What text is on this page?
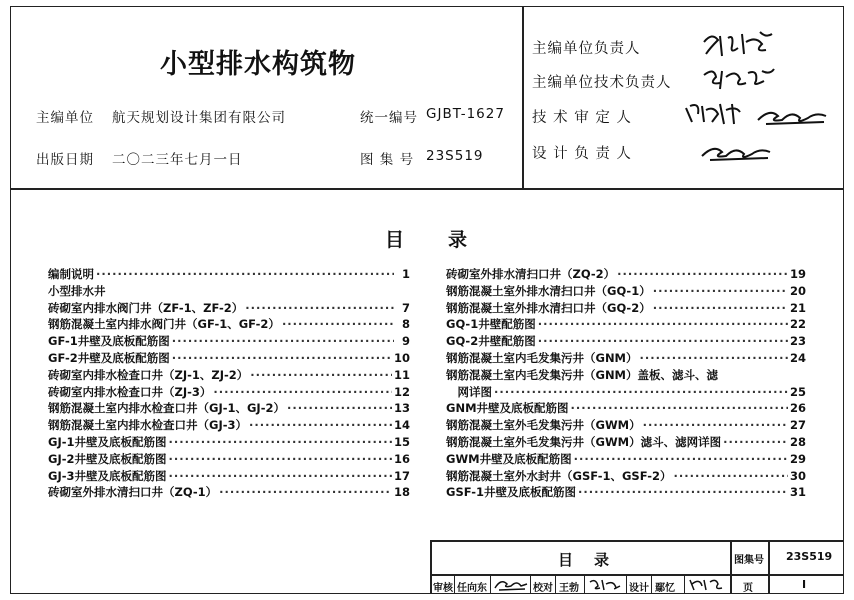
小型排水构筑物
主编单位 航天规划设计集团有限公司	统一编号 GJBT-1627
出版日期 二〇二三年七月一日	图 集 号 23S519
主编单位负责人
主编单位技术负责人
技 术 审 定 人
设 计 负 责 人
目　　录
编制说明 ·····	1
小型排水井
砖砌室内排水阀门井（ZF-1、ZF-2） ·····	7
钢筋混凝土室内排水阀门井（GF-1、GF-2） ·····	8
GF-1井壁及底板配筋图 ·····	9
GF-2井壁及底板配筋图 ·····	10
砖砌室内排水检查口井（ZJ-1、ZJ-2） ·····	11
砖砌室内排水检查口井（ZJ-3） ·····	12
钢筋混凝土室内排水检查口井（GJ-1、GJ-2） ·····	13
钢筋混凝土室内排水检查口井（GJ-3） ·····	14
GJ-1井壁及底板配筋图 ·····	15
GJ-2井壁及底板配筋图 ·····	16
GJ-3井壁及底板配筋图 ·····	17
砖砌室外排水清扫口井（ZQ-1） ·····	18
砖砌室外排水清扫口井（ZQ-2） ·····	19
钢筋混凝土室外排水清扫口井（GQ-1） ·····	20
钢筋混凝土室外排水清扫口井（GQ-2） ·····	21
GQ-1井壁配筋图 ·····	22
GQ-2井壁配筋图 ·····	23
钢筋混凝土室内毛发集污井（GNM） ·····	24
钢筋混凝土室内毛发集污井（GNM）盖板、滤斗、滤
　网详图 ·····	25
GNM井壁及底板配筋图 ·····	26
钢筋混凝土室外毛发集污井（GWM） ·····	27
钢筋混凝土室外毛发集污井（GWM）滤斗、滤网详图 ·····	28
GWM井壁及底板配筋图 ·····	29
钢筋混凝土室外水封井（GSF-1、GSF-2） ·····	30
GSF-1井壁及底板配筋图 ·····	31
目　录	图集号 23S519
审核 任向东	校对 王勃	设计 鄢忆	页	I
